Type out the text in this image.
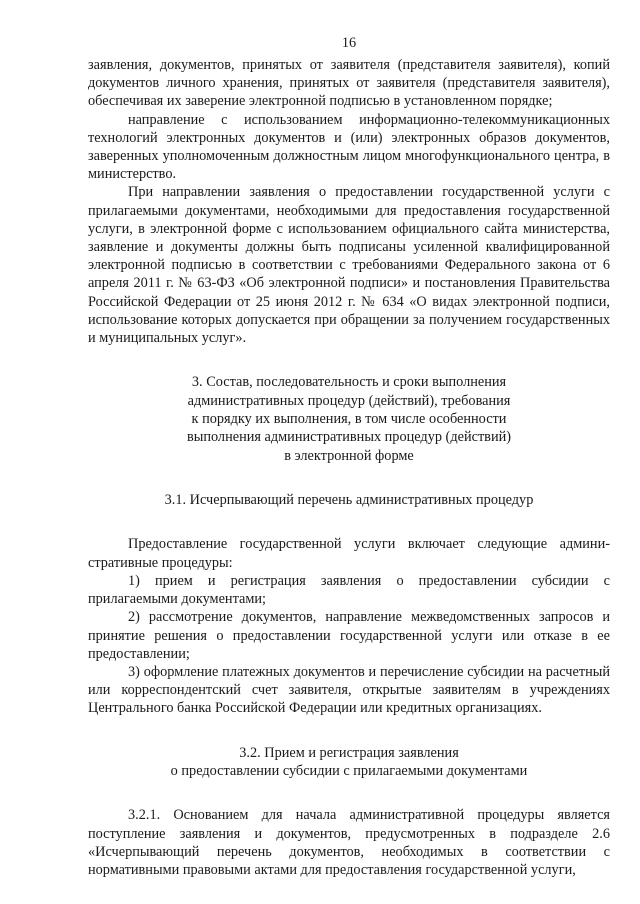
16

заявления, документов, принятых от заявителя (представителя заявителя), копий документов личного хранения, принятых от заявителя (представителя заявителя), обеспечивая их заверение электронной подписью в установленном порядке;

направление с использованием информационно-телекоммуникационных технологий электронных документов и (или) электронных образов документов, заверенных уполномоченным должностным лицом многофункционального центра, в министерство.

При направлении заявления о предоставлении государственной услуги с прилагаемыми документами, необходимыми для предоставления государственной услуги, в электронной форме с использованием официального сайта министерства, заявление и документы должны быть подписаны усиленной квалифицированной электронной подписью в соответствии с требованиями Федерального закона от 6 апреля 2011 г. № 63-ФЗ «Об электронной подписи» и постановления Правительства Российской Федерации от 25 июня 2012 г. № 634 «О видах электронной подписи, использование которых допускается при обращении за получением государственных и муниципальных услуг».

3. Состав, последовательность и сроки выполнения
административных процедур (действий), требования
к порядку их выполнения, в том числе особенности
выполнения административных процедур (действий)
в электронной форме
3.1. Исчерпывающий перечень административных процедур

Предоставление государственной услуги включает следующие административные процедуры:

1) прием и регистрация заявления о предоставлении субсидии с прилагаемыми документами;

2) рассмотрение документов, направление межведомственных запросов и принятие решения о предоставлении государственной услуги или отказе в ее предоставлении;

3) оформление платежных документов и перечисление субсидии на расчетный или корреспондентский счет заявителя, открытые заявителям в учреждениях Центрального банка Российской Федерации или кредитных организациях.

3.2. Прием и регистрация заявления
о предоставлении субсидии с прилагаемыми документами

3.2.1. Основанием для начала административной процедуры является поступление заявления и документов, предусмотренных в подразделе 2.6 «Исчерпывающий перечень документов, необходимых в соответствии с нормативными правовыми актами для предоставления государственной услуги,
